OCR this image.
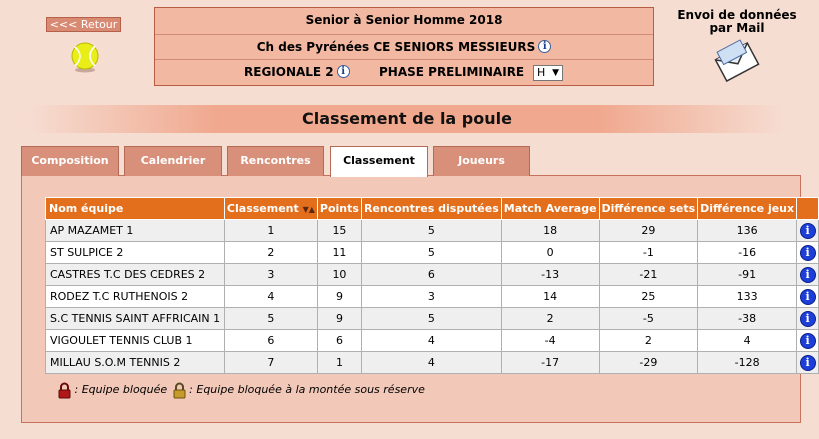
<<< Retour	Senior à Senior Homme 2018
Ch des Pyrénées CE SENIORS MESSIEURS i
REGIONALE 2 i	PHASE PRELIMINAIRE	H ▼
Envoi de données par Mail
Classement de la poule
Composition	Calendrier	Rencontres	Classement	Joueurs
Nom équipe	Classement ▼▲	Points	Rencontres disputées	Match Average	Différence sets	Différence jeux	
AP MAZAMET 1	1	15	5	18	29	136	i
ST SULPICE 2	2	11	5	0	-1	-16	i
CASTRES T.C DES CEDRES 2	3	10	6	-13	-21	-91	i
RODEZ T.C RUTHENOIS 2	4	9	3	14	25	133	i
S.C TENNIS SAINT AFFRICAIN 1	5	9	5	2	-5	-38	i
VIGOULET TENNIS CLUB 1	6	6	4	-4	2	4	i
MILLAU S.O.M TENNIS 2	7	1	4	-17	-29	-128	i
: Equipe bloquée : Equipe bloquée à la montée sous réserve
